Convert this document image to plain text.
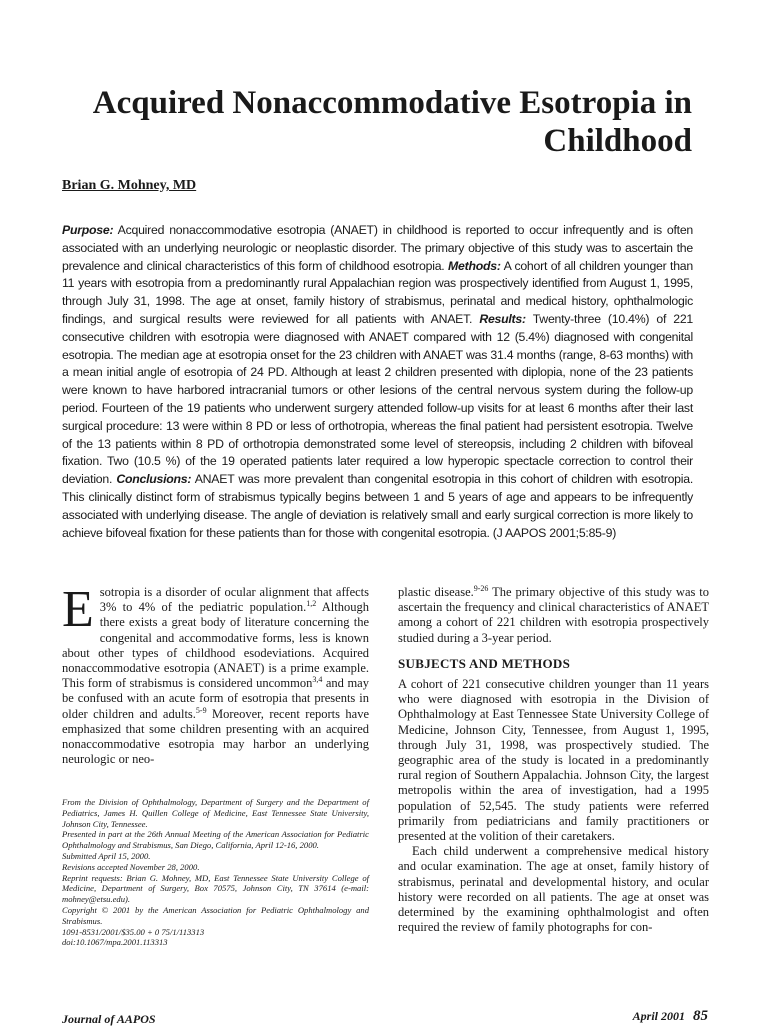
Acquired Nonaccommodative Esotropia in
Childhood

Brian G. Mohney, MD

Purpose: Acquired nonaccommodative esotropia (ANAET) in childhood is reported to occur infrequently and is often associated with an underlying neurologic or neoplastic disorder. The primary objective of this study was to ascertain the prevalence and clinical characteristics of this form of childhood esotropia. Methods: A cohort of all children younger than 11 years with esotropia from a predominantly rural Appalachian region was prospectively identified from August 1, 1995, through July 31, 1998. The age at onset, family history of strabismus, perinatal and medical history, ophthalmologic findings, and surgical results were reviewed for all patients with ANAET. Results: Twenty-three (10.4%) of 221 consecutive children with esotropia were diagnosed with ANAET compared with 12 (5.4%) diagnosed with congenital esotropia. The median age at esotropia onset for the 23 children with ANAET was 31.4 months (range, 8-63 months) with a mean initial angle of esotropia of 24 PD. Although at least 2 children presented with diplopia, none of the 23 patients were known to have harbored intracranial tumors or other lesions of the central nervous system during the follow-up period. Fourteen of the 19 patients who underwent surgery attended follow-up visits for at least 6 months after their last surgical procedure: 13 were within 8 PD or less of orthotropia, whereas the final patient had persistent esotropia. Twelve of the 13 patients within 8 PD of orthotropia demonstrated some level of stereopsis, including 2 children with bifoveal fixation. Two (10.5 %) of the 19 operated patients later required a low hyperopic spectacle correction to control their deviation. Conclusions: ANAET was more prevalent than congenital esotropia in this cohort of children with esotropia. This clinically distinct form of strabismus typically begins between 1 and 5 years of age and appears to be infrequently associated with underlying disease. The angle of deviation is relatively small and early surgical correction is more likely to achieve bifoveal fixation for these patients than for those with congenital esotropia. (J AAPOS 2001;5:85-9)

Esotropia is a disorder of ocular alignment that affects 3% to 4% of the pediatric population.$^{1,2}$ Although there exists a great body of literature concerning the congenital and accommodative forms, less is known about other types of childhood esodeviations. Acquired nonaccommodative esotropia (ANAET) is a prime example. This form of strabismus is considered uncommon$^{3,4}$ and may be confused with an acute form of esotropia that presents in older children and adults.$^{5-9}$ Moreover, recent reports have emphasized that some children presenting with an acquired nonaccommodative esotropia may harbor an underlying neurologic or neo-

From the Division of Ophthalmology, Department of Surgery and the Department of Pediatrics, James H. Quillen College of Medicine, East Tennessee State University, Johnson City, Tennessee.

Presented in part at the 26th Annual Meeting of the American Association for Pediatric Ophthalmology and Strabismus, San Diego, California, April 12-16, 2000.

Submitted April 15, 2000.

Revisions accepted November 28, 2000.

Reprint requests: Brian G. Mohney, MD, East Tennessee State University College of Medicine, Department of Surgery, Box 70575, Johnson City, TN 37614 (e-mail: mohney@etsu.edu).

Copyright © 2001 by the American Association for Pediatric Ophthalmology and Strabismus.

1091-8531/2001/$35.00 + 0 75/1/113313

doi:10.1067/mpa.2001.113313

plastic disease.$^{9-26}$ The primary objective of this study was to ascertain the frequency and clinical characteristics of ANAET among a cohort of 221 children with esotropia prospectively studied during a 3-year period.

SUBJECTS AND METHODS

A cohort of 221 consecutive children younger than 11 years who were diagnosed with esotropia in the Division of Ophthalmology at East Tennessee State University College of Medicine, Johnson City, Tennessee, from August 1, 1995, through July 31, 1998, was prospectively studied. The geographic area of the study is located in a predominantly rural region of Southern Appalachia. Johnson City, the largest metropolis within the area of investigation, had a 1995 population of 52,545. The study patients were referred primarily from pediatricians and family practitioners or presented at the volition of their caretakers.

Each child underwent a comprehensive medical history and ocular examination. The age at onset, family history of strabismus, perinatal and developmental history, and ocular history were recorded on all patients. The age at onset was determined by the examining ophthalmologist and often required the review of family photographs for con-

Journal of AAPOS	April 2001 85
